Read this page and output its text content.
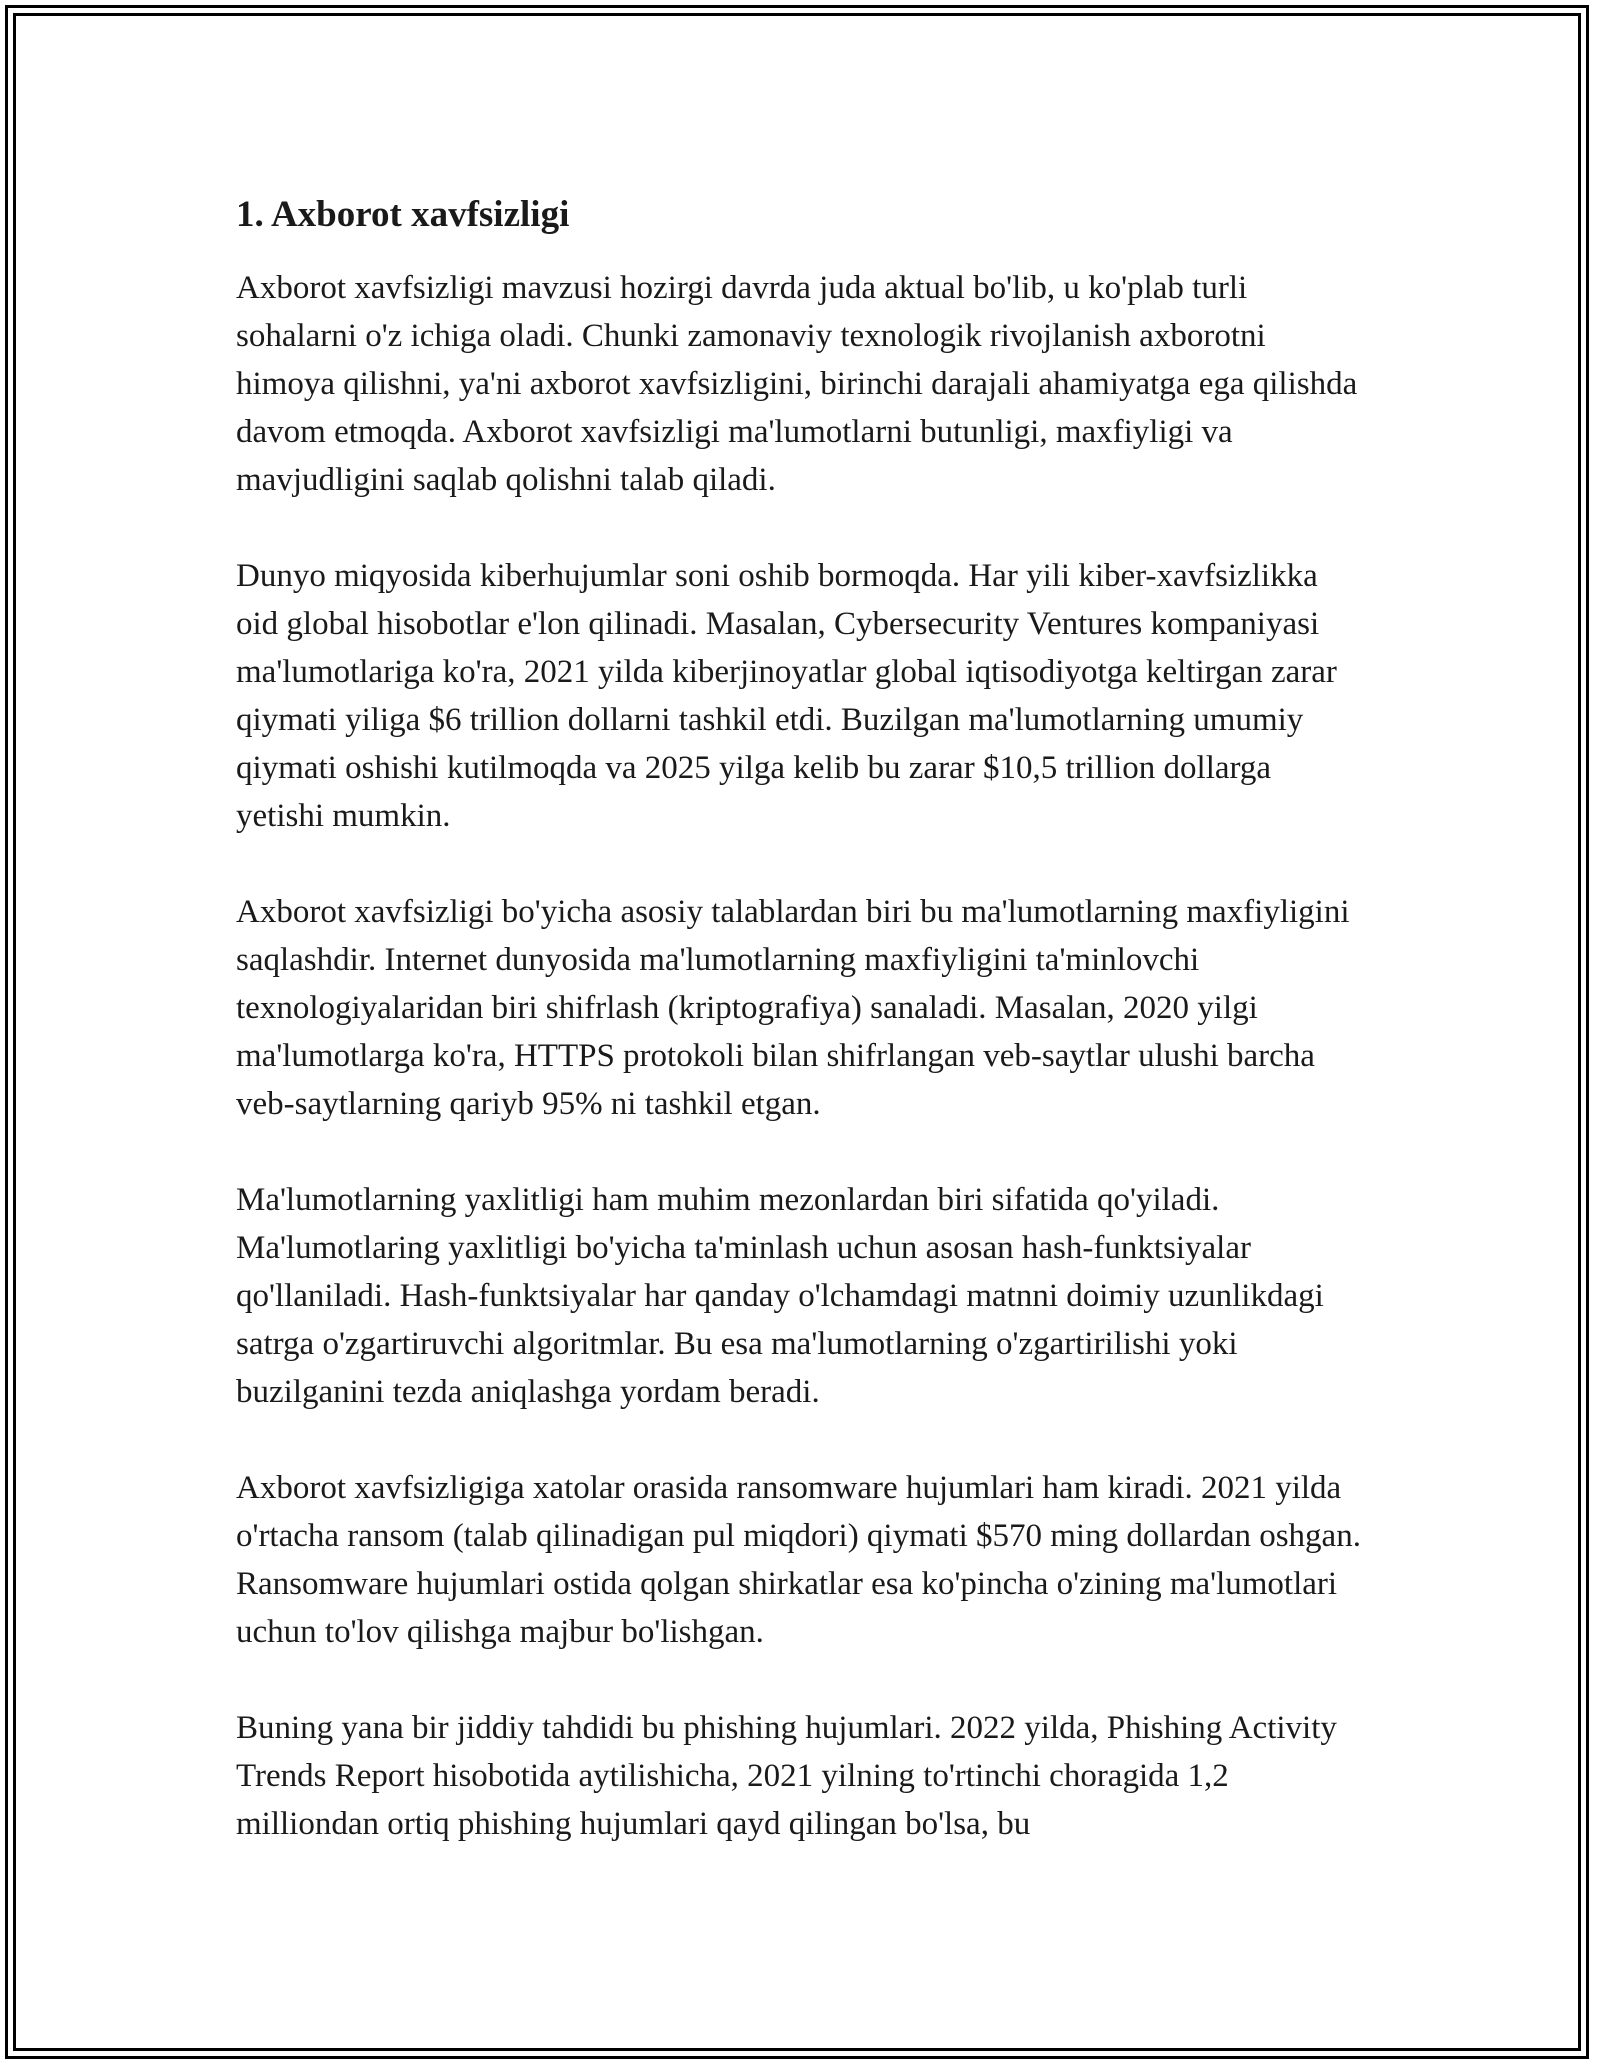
1. Axborot xavfsizligi

Axborot xavfsizligi mavzusi hozirgi davrda juda aktual bo'lib, u ko'plab turli sohalarni o'z ichiga oladi. Chunki zamonaviy texnologik rivojlanish axborotni himoya qilishni, ya'ni axborot xavfsizligini, birinchi darajali ahamiyatga ega qilishda davom etmoqda. Axborot xavfsizligi ma'lumotlarni butunligi, maxfiyligi va mavjudligini saqlab qolishni talab qiladi.

Dunyo miqyosida kiberhujumlar soni oshib bormoqda. Har yili kiber-xavfsizlikka oid global hisobotlar e'lon qilinadi. Masalan, Cybersecurity Ventures kompaniyasi ma'lumotlariga ko'ra, 2021 yilda kiberjinoyatlar global iqtisodiyotga keltirgan zarar qiymati yiliga $6 trillion dollarni tashkil etdi. Buzilgan ma'lumotlarning umumiy qiymati oshishi kutilmoqda va 2025 yilga kelib bu zarar $10,5 trillion dollarga yetishi mumkin.

Axborot xavfsizligi bo'yicha asosiy talablardan biri bu ma'lumotlarning maxfiyligini saqlashdir. Internet dunyosida ma'lumotlarning maxfiyligini ta'minlovchi texnologiyalaridan biri shifrlash (kriptografiya) sanaladi. Masalan, 2020 yilgi ma'lumotlarga ko'ra, HTTPS protokoli bilan shifrlangan veb-saytlar ulushi barcha veb-saytlarning qariyb 95% ni tashkil etgan.

Ma'lumotlarning yaxlitligi ham muhim mezonlardan biri sifatida qo'yiladi. Ma'lumotlaring yaxlitligi bo'yicha ta'minlash uchun asosan hash-funktsiyalar qo'llaniladi. Hash-funktsiyalar har qanday o'lchamdagi matnni doimiy uzunlikdagi satrga o'zgartiruvchi algoritmlar. Bu esa ma'lumotlarning o'zgartirilishi yoki buzilganini tezda aniqlashga yordam beradi.

Axborot xavfsizligiga xatolar orasida ransomware hujumlari ham kiradi. 2021 yilda o'rtacha ransom (talab qilinadigan pul miqdori) qiymati $570 ming dollardan oshgan. Ransomware hujumlari ostida qolgan shirkatlar esa ko'pincha o'zining ma'lumotlari uchun to'lov qilishga majbur bo'lishgan.

Buning yana bir jiddiy tahdidi bu phishing hujumlari. 2022 yilda, Phishing Activity Trends Report hisobotida aytilishicha, 2021 yilning to'rtinchi choragida 1,2 milliondan ortiq phishing hujumlari qayd qilingan bo'lsa, bu
